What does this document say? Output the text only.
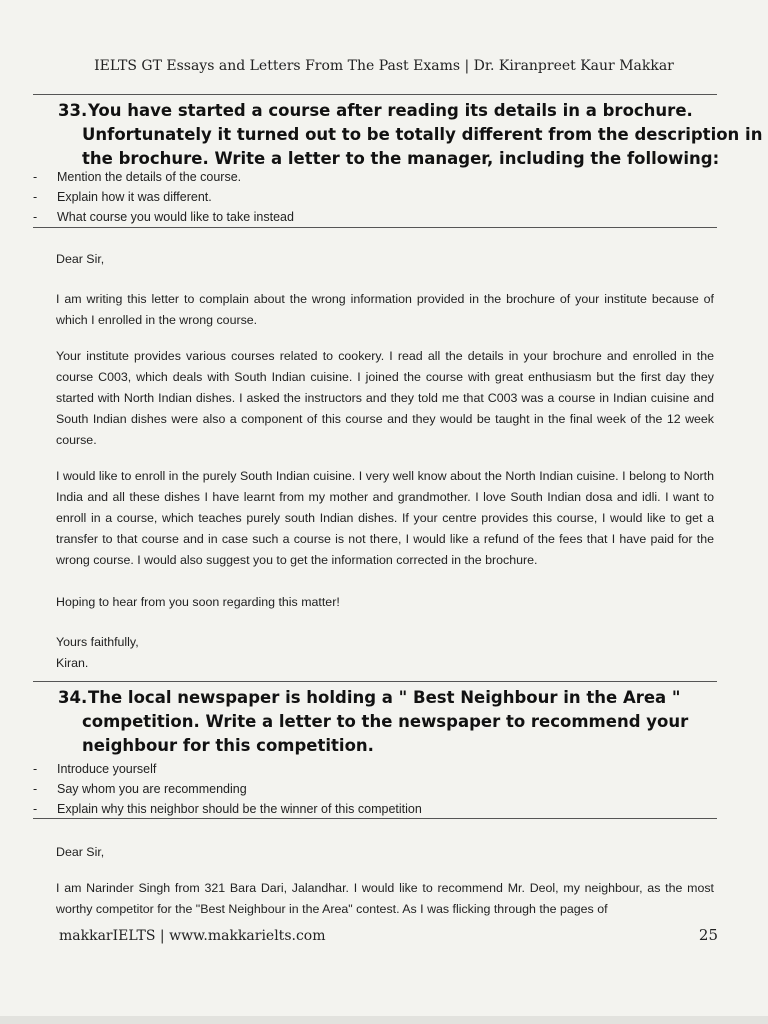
IELTS GT Essays and Letters From The Past Exams | Dr. Kiranpreet Kaur Makkar
33. You have started a course after reading its details in a brochure.
Unfortunately it turned out to be totally different from the description in
the brochure. Write a letter to the manager, including the following:
- Mention the details of the course.
- Explain how it was different.
- What course you would like to take instead
Dear Sir,

I am writing this letter to complain about the wrong information provided in the brochure of your institute because of which I enrolled in the wrong course.

Your institute provides various courses related to cookery. I read all the details in your brochure and enrolled in the course C003, which deals with South Indian cuisine. I joined the course with great enthusiasm but the first day they started with North Indian dishes. I asked the instructors and they told me that C003 was a course in Indian cuisine and South Indian dishes were also a component of this course and they would be taught in the final week of the 12 week course.

I would like to enroll in the purely South Indian cuisine. I very well know about the North Indian cuisine. I belong to North India and all these dishes I have learnt from my mother and grandmother. I love South Indian dosa and idli. I want to enroll in a course, which teaches purely south Indian dishes. If your centre provides this course, I would like to get a transfer to that course and in case such a course is not there, I would like a refund of the fees that I have paid for the wrong course. I would also suggest you to get the information corrected in the brochure.

Hoping to hear from you soon regarding this matter!

Yours faithfully,
Kiran.
34. The local newspaper is holding a " Best Neighbour in the Area "
competition. Write a letter to the newspaper to recommend your
neighbour for this competition.
- Introduce yourself
- Say whom you are recommending
- Explain why this neighbor should be the winner of this competition
Dear Sir,

I am Narinder Singh from 321 Bara Dari, Jalandhar. I would like to recommend Mr. Deol, my neighbour, as the most worthy competitor for the "Best Neighbour in the Area" contest. As I was flicking through the pages of

makkarIELTS | www.makkarielts.com	25
